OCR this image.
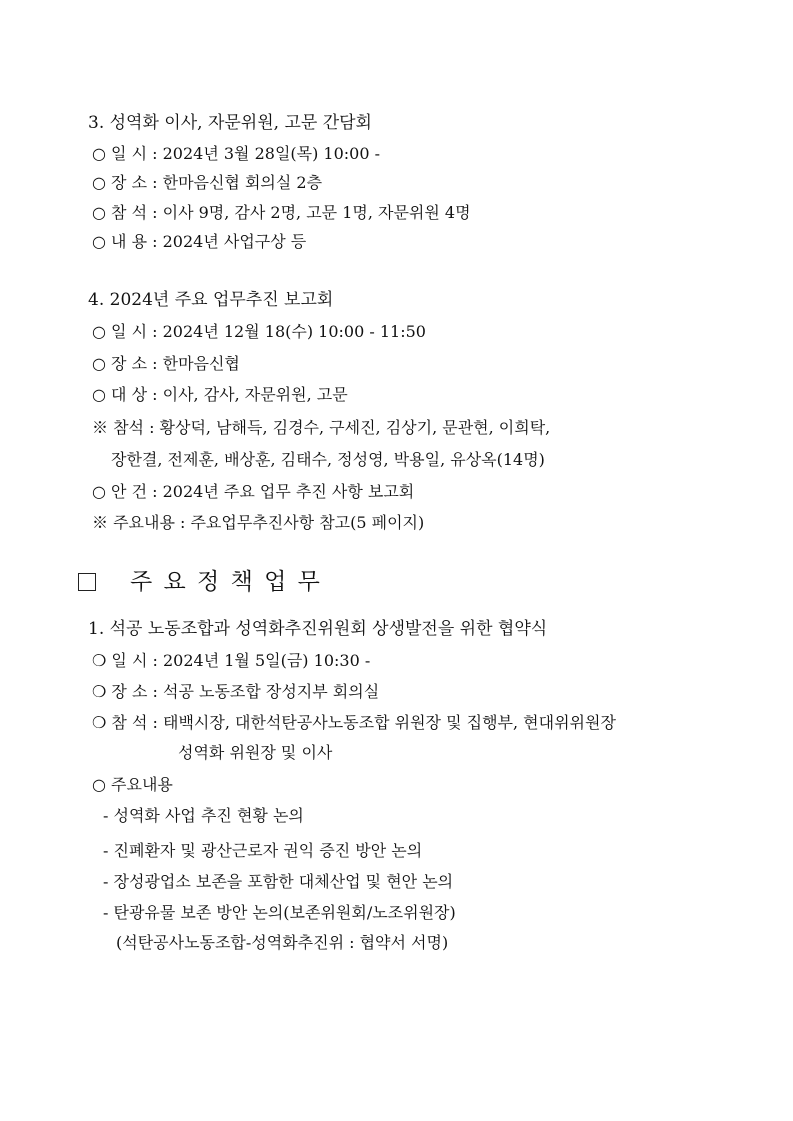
3. 성역화 이사, 자문위원, 고문 간담회
○ 일 시 : 2024년 3월 28일(목) 10:00 -
○ 장 소 : 한마음신협 회의실 2층
○ 참 석 : 이사 9명, 감사 2명, 고문 1명, 자문위원 4명
○ 내 용 : 2024년 사업구상 등
4. 2024년 주요 업무추진 보고회
○ 일 시 : 2024년 12월 18(수) 10:00 - 11:50
○ 장 소 : 한마음신협
○ 대 상 : 이사, 감사, 자문위원, 고문
※ 참석 : 황상덕, 남해득, 김경수, 구세진, 김상기, 문관현, 이희탁,
장한결, 전제훈, 배상훈, 김태수, 정성영, 박용일, 유상옥(14명)
○ 안 건 : 2024년 주요 업무 추진 사항 보고회
※ 주요내용 : 주요업무추진사항 참고(5 페이지)
주 요 정 책 업 무
1. 석공 노동조합과 성역화추진위원회 상생발전을 위한 협약식
❍ 일 시 : 2024년 1월 5일(금) 10:30 -
❍ 장 소 : 석공 노동조합 장성지부 회의실
❍ 참 석 : 태백시장, 대한석탄공사노동조합 위원장 및 집행부, 현대위위원장
성역화 위원장 및 이사
○ 주요내용
- 성역화 사업 추진 현황 논의
- 진폐환자 및 광산근로자 권익 증진 방안 논의
- 장성광업소 보존을 포함한 대체산업 및 현안 논의
- 탄광유물 보존 방안 논의(보존위원회/노조위원장)
(석탄공사노동조합-성역화추진위 : 협약서 서명)
